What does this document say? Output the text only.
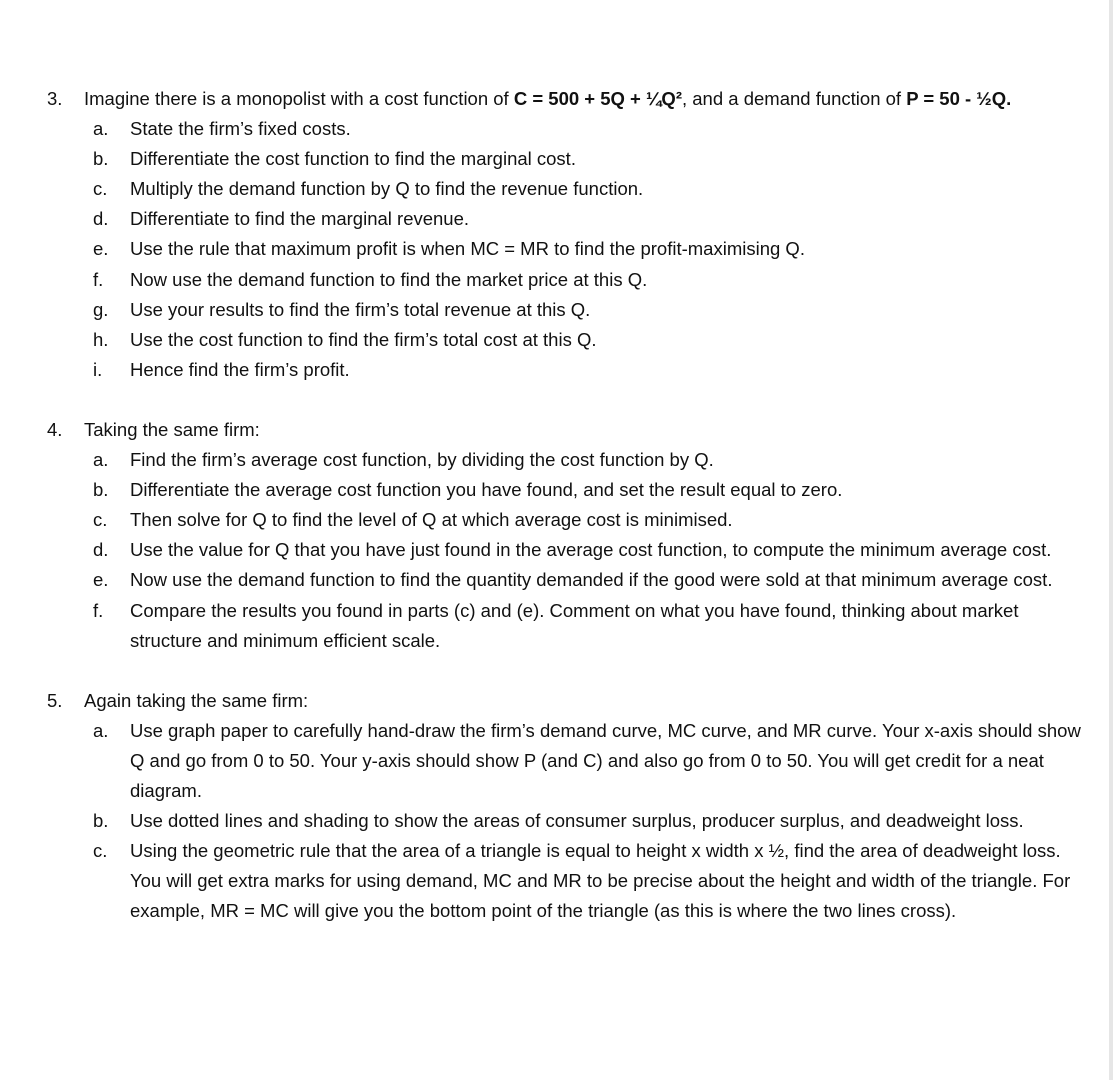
3.	Imagine there is a monopolist with a cost function of C = 500 + 5Q + ¼Q², and a demand function of P = 50 - ½Q.
a.	State the firm’s fixed costs.
b.	Differentiate the cost function to find the marginal cost.
c.	Multiply the demand function by Q to find the revenue function.
d.	Differentiate to find the marginal revenue.
e.	Use the rule that maximum profit is when MC = MR to find the profit-maximising Q.
f.	Now use the demand function to find the market price at this Q.
g.	Use your results to find the firm’s total revenue at this Q.
h.	Use the cost function to find the firm’s total cost at this Q.
i.	Hence find the firm’s profit.
4.	Taking the same firm:
a.	Find the firm’s average cost function, by dividing the cost function by Q.
b.	Differentiate the average cost function you have found, and set the result equal to zero.
c.	Then solve for Q to find the level of Q at which average cost is minimised.
d.	Use the value for Q that you have just found in the average cost function, to compute the minimum average cost.
e.	Now use the demand function to find the quantity demanded if the good were sold at that minimum average cost.
f.	Compare the results you found in parts (c) and (e). Comment on what you have found, thinking about market structure and minimum efficient scale.
5.	Again taking the same firm:
a.	Use graph paper to carefully hand-draw the firm’s demand curve, MC curve, and MR curve. Your x-axis should show Q and go from 0 to 50. Your y-axis should show P (and C) and also go from 0 to 50. You will get credit for a neat diagram.
b.	Use dotted lines and shading to show the areas of consumer surplus, producer surplus, and deadweight loss.
c.	Using the geometric rule that the area of a triangle is equal to height x width x ½, find the area of deadweight loss. You will get extra marks for using demand, MC and MR to be precise about the height and width of the triangle. For example, MR = MC will give you the bottom point of the triangle (as this is where the two lines cross).
